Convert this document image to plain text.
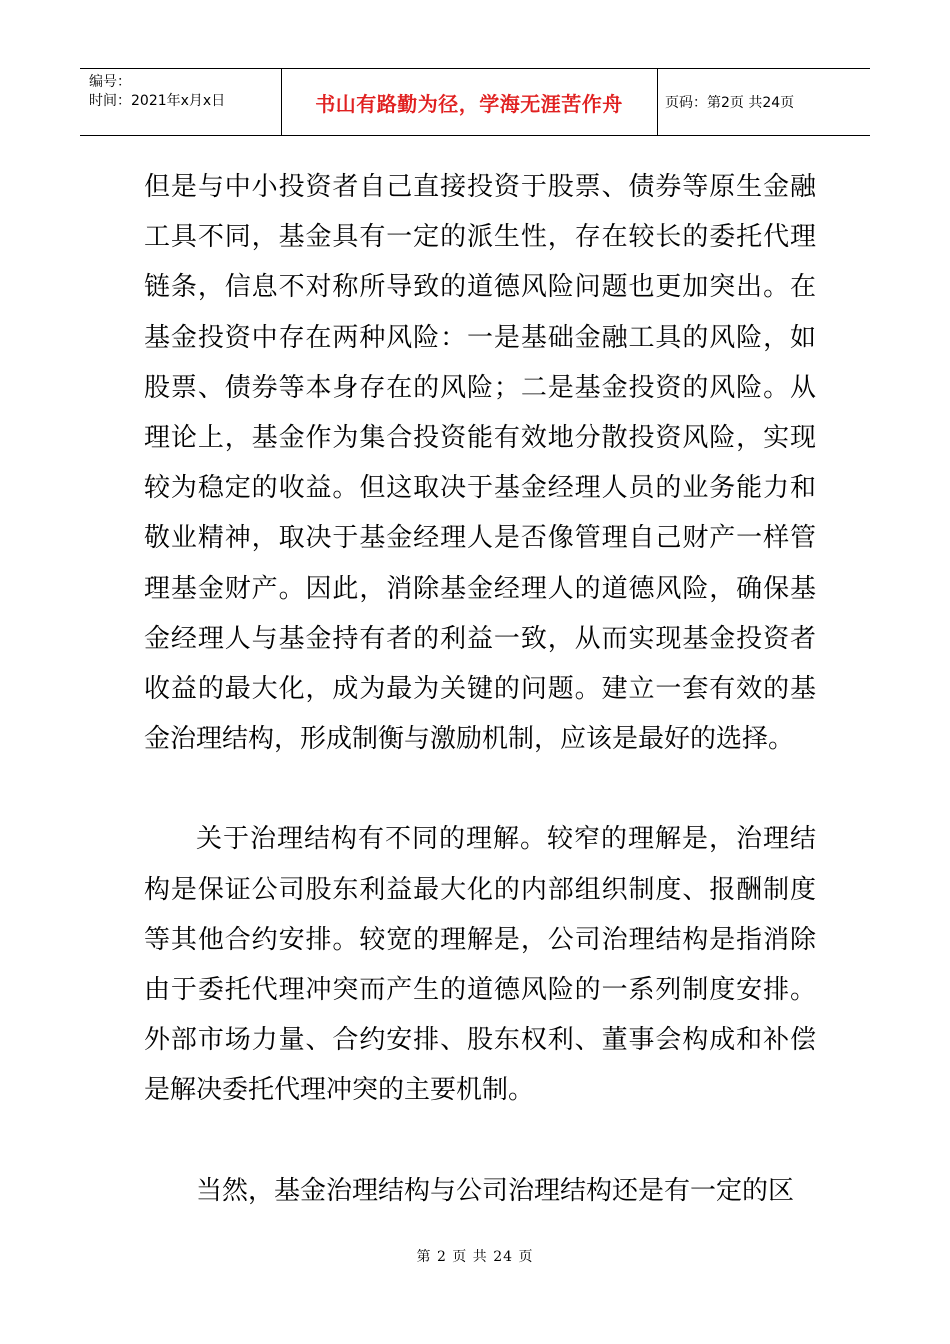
编号：
时间：2021年x月x日	书山有路勤为径，学海无涯苦作舟	页码：第2页 共24页

但是与中小投资者自己直接投资于股票、债券等原生金融工具不同，基金具有一定的派生性，存在较长的委托代理链条，信息不对称所导致的道德风险问题也更加突出。在基金投资中存在两种风险：一是基础金融工具的风险，如股票、债券等本身存在的风险；二是基金投资的风险。从理论上，基金作为集合投资能有效地分散投资风险，实现较为稳定的收益。但这取决于基金经理人员的业务能力和敬业精神，取决于基金经理人是否像管理自己财产一样管理基金财产。因此，消除基金经理人的道德风险，确保基金经理人与基金持有者的利益一致，从而实现基金投资者收益的最大化，成为最为关键的问题。建立一套有效的基金治理结构，形成制衡与激励机制，应该是最好的选择。

关于治理结构有不同的理解。较窄的理解是，治理结构是保证公司股东利益最大化的内部组织制度、报酬制度等其他合约安排。较宽的理解是，公司治理结构是指消除由于委托代理冲突而产生的道德风险的一系列制度安排。外部市场力量、合约安排、股东权利、董事会构成和补偿是解决委托代理冲突的主要机制。

当然，基金治理结构与公司治理结构还是有一定的区

第 2 页 共 24 页
